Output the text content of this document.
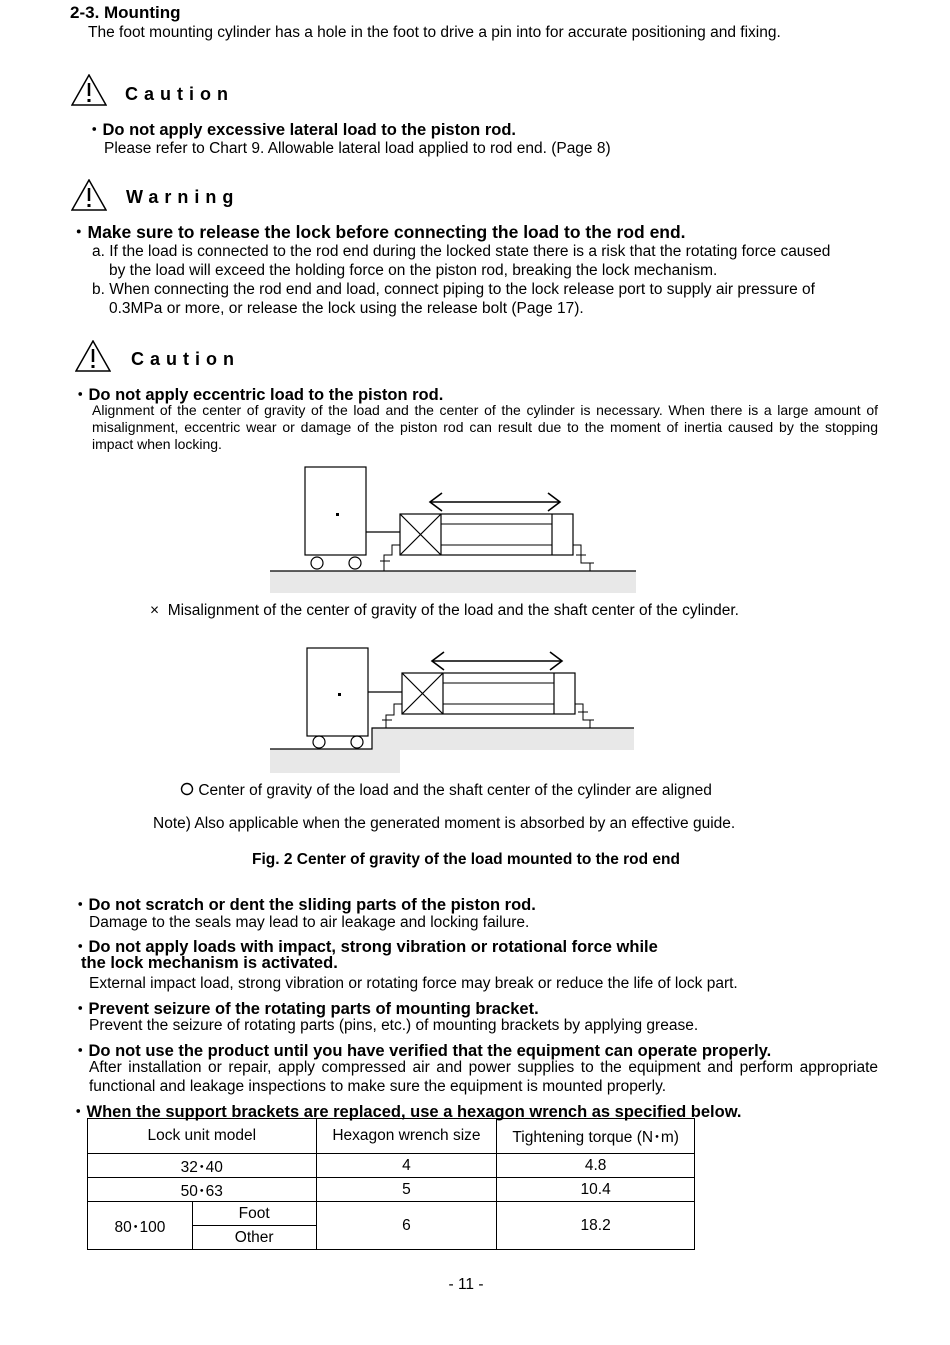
2-3. Mounting
The foot mounting cylinder has a hole in the foot to drive a pin into for accurate positioning and fixing.
Caution
・Do not apply excessive lateral load to the piston rod.
Please refer to Chart 9. Allowable lateral load applied to rod end. (Page 8)
Warning
・Make sure to release the lock before connecting the load to the rod end.
a. If the load is connected to the rod end during the locked state there is a risk that the rotating force caused
by the load will exceed the holding force on the piston rod, breaking the lock mechanism.
b. When connecting the rod end and load, connect piping to the lock release port to supply air pressure of
0.3MPa or more, or release the lock using the release bolt (Page 17).
Caution
・Do not apply eccentric load to the piston rod.
Alignment of the center of gravity of the load and the center of the cylinder is necessary. When there is a large amount of misalignment, eccentric wear or damage of the piston rod can result due to the moment of inertia caused by the stopping impact when locking.
× Misalignment of the center of gravity of the load and the shaft center of the cylinder.
Center of gravity of the load and the shaft center of the cylinder are aligned
Note) Also applicable when the generated moment is absorbed by an effective guide.
Fig. 2 Center of gravity of the load mounted to the rod end
・Do not scratch or dent the sliding parts of the piston rod.
Damage to the seals may lead to air leakage and locking failure.
・Do not apply loads with impact, strong vibration or rotational force while
the lock mechanism is activated.
External impact load, strong vibration or rotating force may break or reduce the life of lock part.
・Prevent seizure of the rotating parts of mounting bracket.
Prevent the seizure of rotating parts (pins, etc.) of mounting brackets by applying grease.
・Do not use the product until you have verified that the equipment can operate properly.
After installation or repair, apply compressed air and power supplies to the equipment and perform appropriate functional and leakage inspections to make sure the equipment is mounted properly.
・When the support brackets are replaced, use a hexagon wrench as specified below.
Lock unit model		Hexagon wrench size	Tightening torque (N･m)
32･40		4	4.8
50･63		5	10.4
80･100	Foot	6	18.2
	Other		
- 11 -
